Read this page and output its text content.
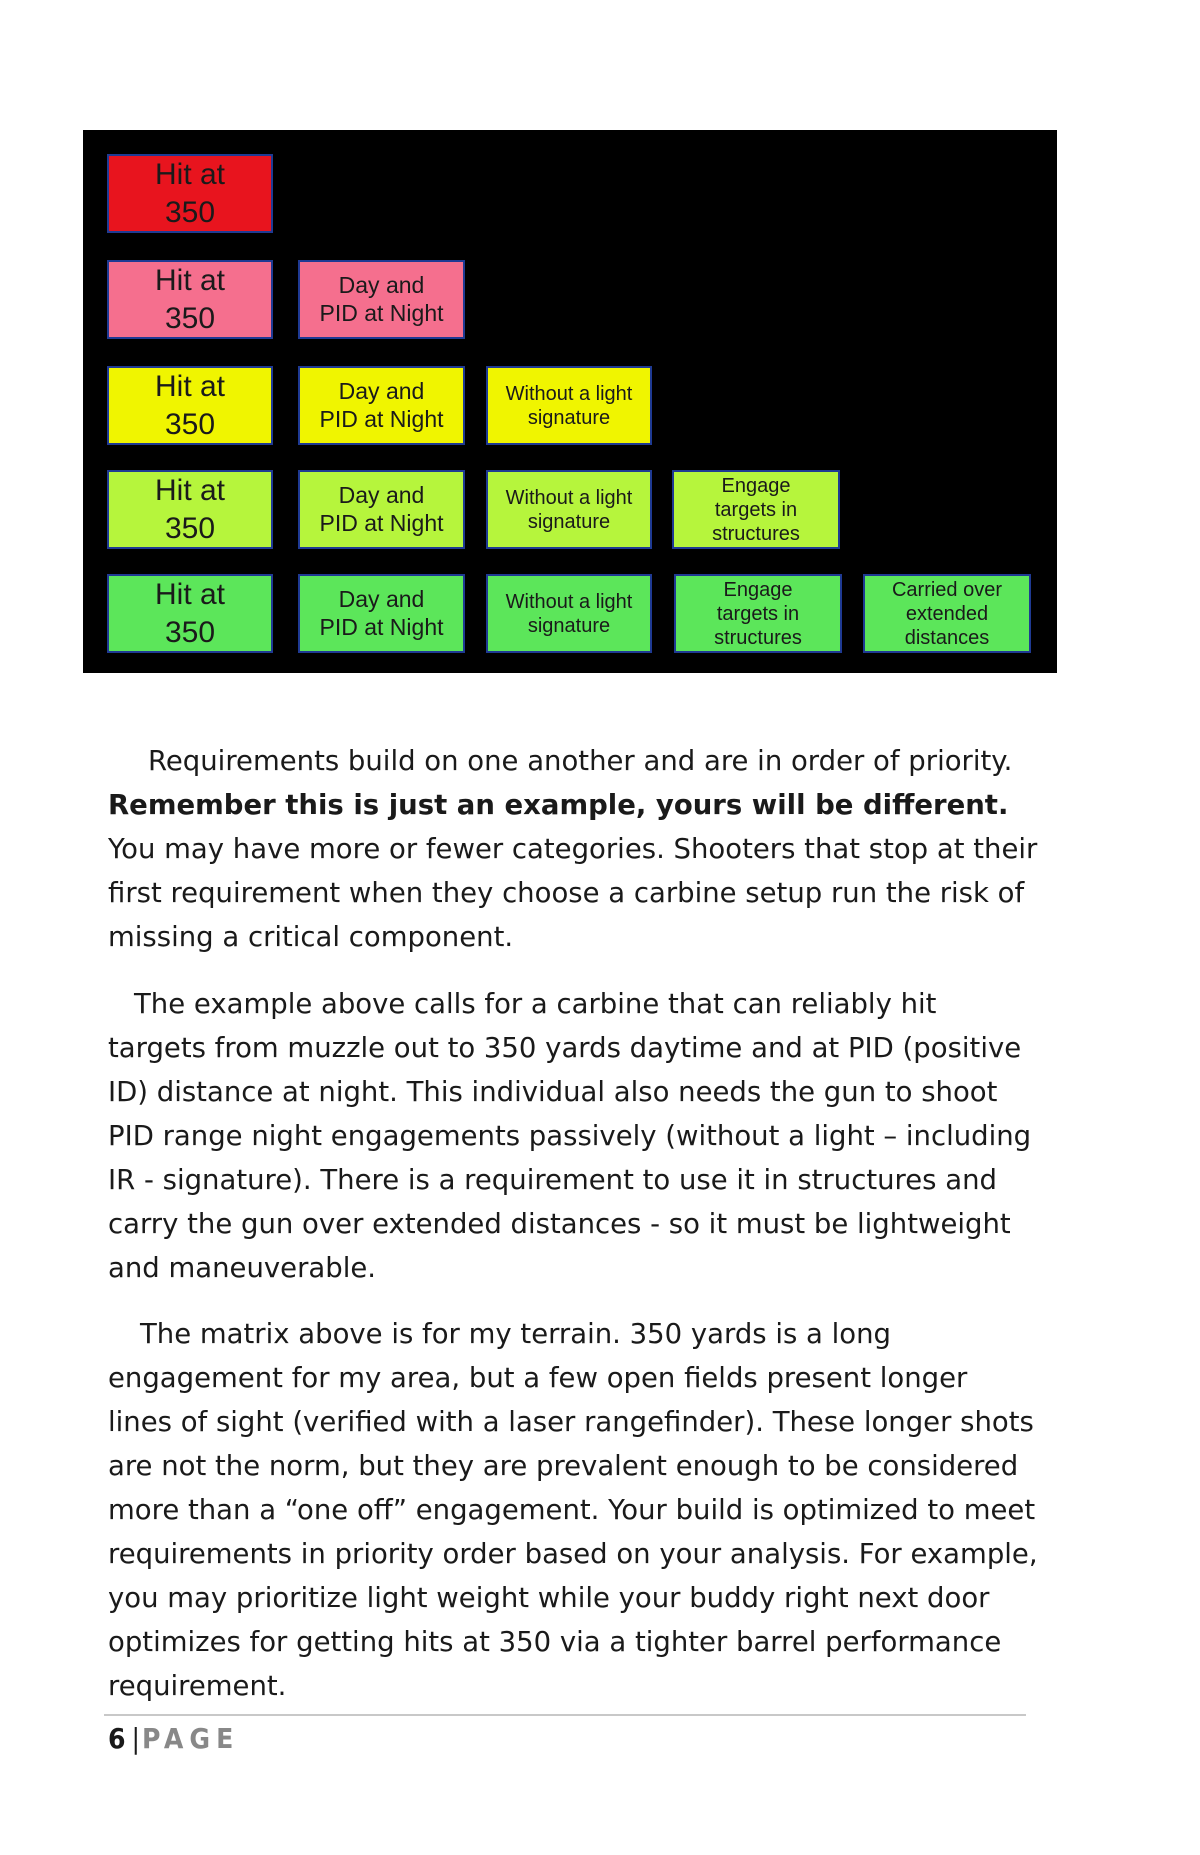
Hit at
350
Hit at
350
Day and
PID at Night
Hit at
350
Day and
PID at Night
Without a light
signature
Hit at
350
Day and
PID at Night
Without a light
signature
Engage
targets in
structures
Hit at
350
Day and
PID at Night
Without a light
signature
Engage
targets in
structures
Carried over
extended
distances

Requirements build on one another and are in order of priority. Remember this is just an example, yours will be different. You may have more or fewer categories. Shooters that stop at their first requirement when they choose a carbine setup run the risk of missing a critical component.

The example above calls for a carbine that can reliably hit targets from muzzle out to 350 yards daytime and at PID (positive ID) distance at night. This individual also needs the gun to shoot PID range night engagements passively (without a light – including IR - signature). There is a requirement to use it in structures and carry the gun over extended distances - so it must be lightweight and maneuverable.

The matrix above is for my terrain. 350 yards is a long engagement for my area, but a few open fields present longer lines of sight (verified with a laser rangefinder). These longer shots are not the norm, but they are prevalent enough to be considered more than a “one off” engagement. Your build is optimized to meet requirements in priority order based on your analysis. For example, you may prioritize light weight while your buddy right next door optimizes for getting hits at 350 via a tighter barrel performance requirement.

6|PAGE
